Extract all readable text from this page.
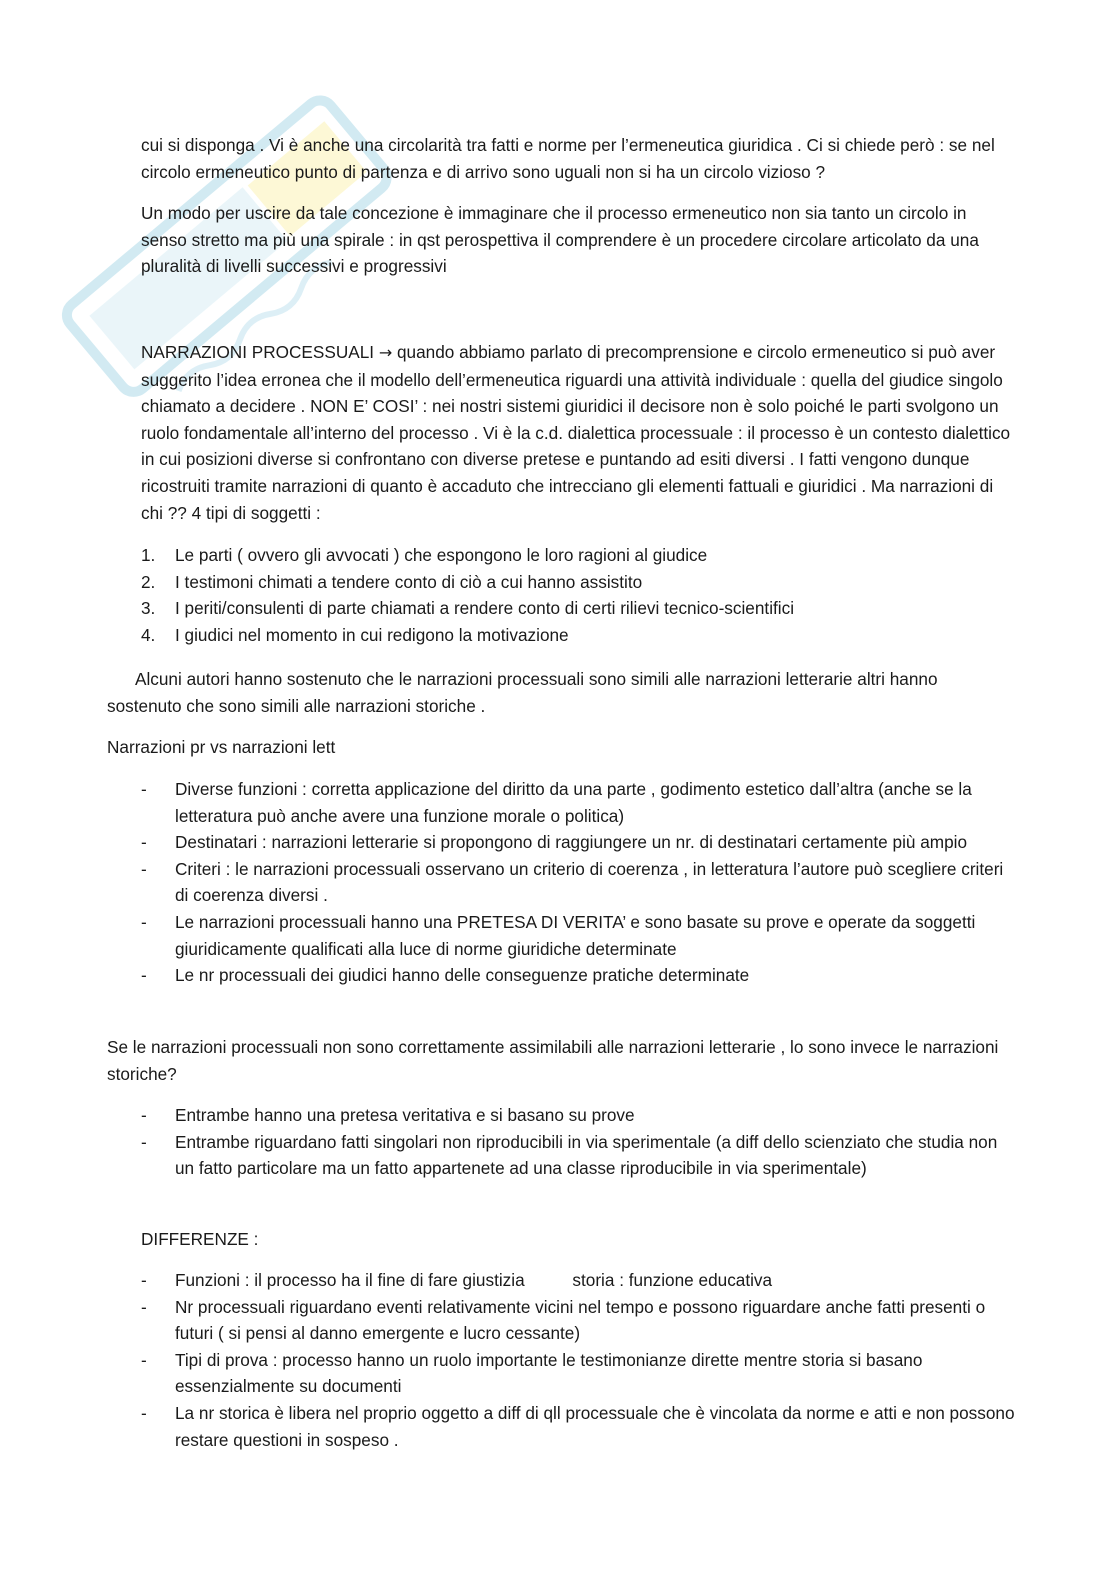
cui si disponga . Vi è anche una circolarità tra fatti e norme per l’ermeneutica giuridica . Ci si chiede però : se nel circolo ermeneutico punto di partenza e di arrivo sono uguali non si ha un circolo vizioso ?

Un modo per uscire da tale concezione è immaginare che il processo ermeneutico non sia tanto un circolo in senso stretto ma più una spirale : in qst perospettiva il comprendere è un procedere circolare articolato da una pluralità di livelli successivi e progressivi

NARRAZIONI PROCESSUALI → quando abbiamo parlato di precomprensione e circolo ermeneutico si può aver suggerito l’idea erronea che il modello dell’ermeneutica riguardi una attività individuale : quella del giudice singolo chiamato a decidere . NON E’ COSI’ : nei nostri sistemi giuridici il decisore non è solo poiché le parti svolgono un ruolo fondamentale all’interno del processo . Vi è la c.d. dialettica processuale : il processo è un contesto dialettico in cui posizioni diverse si confrontano con diverse pretese e puntando ad esiti diversi . I fatti vengono dunque ricostruiti tramite narrazioni di quanto è accaduto che intrecciano gli elementi fattuali e giuridici . Ma narrazioni di chi ?? 4 tipi di soggetti :

1.	Le parti ( ovvero gli avvocati ) che espongono le loro ragioni al giudice
2.	I testimoni chimati a tendere conto di ciò a cui hanno assistito
3.	I periti/consulenti di parte chiamati a rendere conto di certi rilievi tecnico-scientifici
4.	I giudici nel momento in cui redigono la motivazione

Alcuni autori hanno sostenuto che le narrazioni processuali sono simili alle narrazioni letterarie altri hanno sostenuto che sono simili alle narrazioni storiche .

Narrazioni pr vs narrazioni lett

-	Diverse funzioni : corretta applicazione del diritto da una parte , godimento estetico dall’altra (anche se la letteratura può anche avere una funzione morale o politica)
-	Destinatari : narrazioni letterarie si propongono di raggiungere un nr. di destinatari certamente più ampio
-	Criteri : le narrazioni processuali osservano un criterio di coerenza , in letteratura l’autore può scegliere criteri di coerenza diversi .
-	Le narrazioni processuali hanno una PRETESA DI VERITA’ e sono basate su prove e operate da soggetti giuridicamente qualificati alla luce di norme giuridiche determinate
-	Le nr processuali dei giudici hanno delle conseguenze pratiche determinate

Se le narrazioni processuali non sono correttamente assimilabili alle narrazioni letterarie , lo sono invece le narrazioni storiche?

-	Entrambe hanno una pretesa veritativa e si basano su prove
-	Entrambe riguardano fatti singolari non riproducibili in via sperimentale (a diff dello scienziato che studia non un fatto particolare ma un fatto appartenete ad una classe riproducibile in via sperimentale)

DIFFERENZE :

-	Funzioni : il processo ha il fine di fare giustizia          storia : funzione educativa
-	Nr processuali riguardano eventi relativamente vicini nel tempo e possono riguardare anche fatti presenti o futuri ( si pensi al danno emergente e lucro cessante)
-	Tipi di prova : processo hanno un ruolo importante le testimonianze dirette mentre storia si basano essenzialmente su documenti
-	La nr storica è libera nel proprio oggetto a diff di qll processuale che è vincolata da norme e atti e non possono restare questioni in sospeso .
